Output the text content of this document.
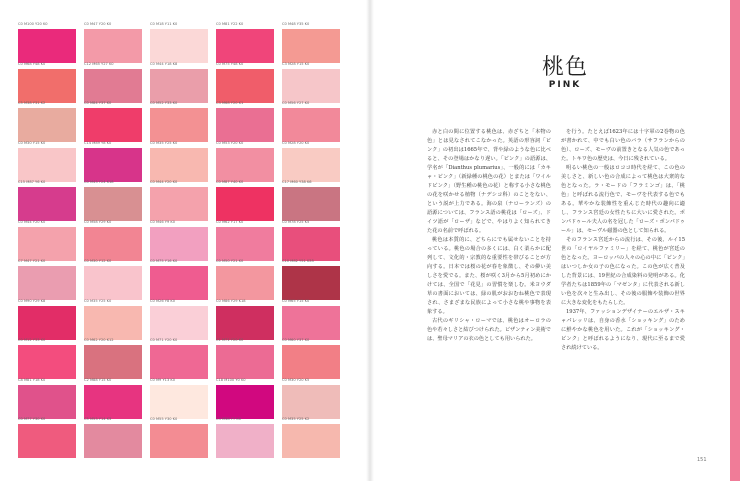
C0 M100 Y20 K0	C0 M47 Y20 K0	C0 M18 Y11 K0	C0 M81 Y22 K0	C0 M48 Y35 K0
C0 M68 Y48 K0	C12 M65 Y27 K0	C0 M44 Y18 K8	C0 M75 Y48 K0	C3 M28 Y15 K0
C5 M38 Y31 K2	C0 M84 Y37 K0	C0 M52 Y33 K0	C3 M68 Y20 K1	C0 M56 Y27 K0
C0 M30 Y15 K0	C14 M89 Y8 K0	C0 M35 Y25 K0	C0 M53 Y20 K0	C0 M28 Y20 K0
C15 M87 Y6 K0	C0 M43 Y24 K18	C0 M44 Y20 K0	C0 M87 Y40 K0	C17 M60 Y38 K6
C0 M44 Y20 K0	C0 M58 Y29 K0	C0 M46 Y9 K0	C0 M62 Y17 K0	C0 M78 Y25 K5
C7 M47 Y21 K0	C0 M30 Y12 K0	C0 M75 Y16 K0	C0 M50 Y21 K0	C10 M82 Y51 K35
C0 M90 Y29 K8	C0 M35 Y25 K0	C0 M26 Y8 K0	C0 M86 Y29 K18	C0 M65 Y15 K0
C0 M12 Y33 K0	C0 M62 Y20 K12	C0 M71 Y20 K0	C1 M71 Y20 K0	C0 M60 Y37 K0
C8 M81 Y18 K0	C2 M88 Y15 K0	C0 M9 Y13 K0	C18 M100 Y0 K0	C0 M30 Y20 K5
C0 M77 Y30 K0	C5 M53 Y14 K3	C0 M55 Y30 K0	C3 M38 Y7 K0	C0 M35 Y25 K2
桃色
PINK

赤と白の間に位置する桃色は、赤ざちと「本物の色」とは見なされてこなかった。英語の形容詞「ピンク」の初出は1665年で、背や緑のような色に比べると、その登場はかなり遅い。「ピンク」の語源は、学名が「Dianthus plumarius」、一般的には「カキャ・ピンク」（新緑種の桃色の花）とまたは「ワイルドピンク」（野生種の桃色の花）と称する小さな桃色の花を咲かせる植物（ナデシコ科）のことをない、という説が上力である。海の泉（ナローランズ）の語源については、フランス語の桃花は「ローズ」、ドイツ語が「ローザ」などで、やはりよく知られてきた花の名前で呼ばれる。

桃色は本質的に、どちらにでも属せないことを持っている。桃色の場合の多くには、白く柔らかに配列して、文化的・宗教的な重要性を帯びることが方向する。日本では桜の花が春を象徴し、その儚い美しさを愛でる。また、桜が咲く3月から5月初めにかけては、全国で「花見」の習慣を楽しむ。米ヨウダ草の書面においては、緑の肌がおおむね桃色で表現され、さまざまな民族によって小さな桃や事物を表象する。

古代のギリシャ・ローマでは、桃色はオーロラの色や若々しさと結びつけられた。ビザンティン美術では、聖母マリアの衣の色としても用いられた。

を行う。たとえば1623年には十字軍の2巻物の色が書かれて、中でも白い色のバラ（サフランからの色）、ローズ、モーヴの前置きとなる人気の色であった。トキワ色の歴史は、今日に残されている。

明るい桃色の一般はロココ時代を経て、この色の美しさと、新しい色の合成によって桃色は大衆的な色となった。ラ・モードの「フラミンゴ」は、「桃色」と呼ばれる流行色で、モーヴを代表する色でもある。華やかな装飾性を重んじた時代の趣向に適し、フランス宮廷の女性たちに大いに愛された。ポンパドゥール夫人の名を冠した「ローズ・ポンパドゥール」は、セーヴル磁器の色として知られる。

そのフランス宮廷からの流行は、その後、ルイ15世の「ロイヤルファミリー」を経て、桃色が宮廷の色となった。ヨーロッパの人々の心の中に「ピンク」はいつしか女の子の色になった。この色が広く普及した背景には、19世紀の合成染料の発明がある。化学者たちは1859年の「マゼンタ」に代表される新しい色を次々と生み出し、その後の服飾や装飾の世界に大きな変化をもたらした。

1937年、ファッションデザイナーのエルザ・スキャパレッリは、自身の香水「ショッキング」のために鮮やかな桃色を用いた。これが「ショッキング・ピンク」と呼ばれるようになり、現代に至るまで愛され続けている。

151
